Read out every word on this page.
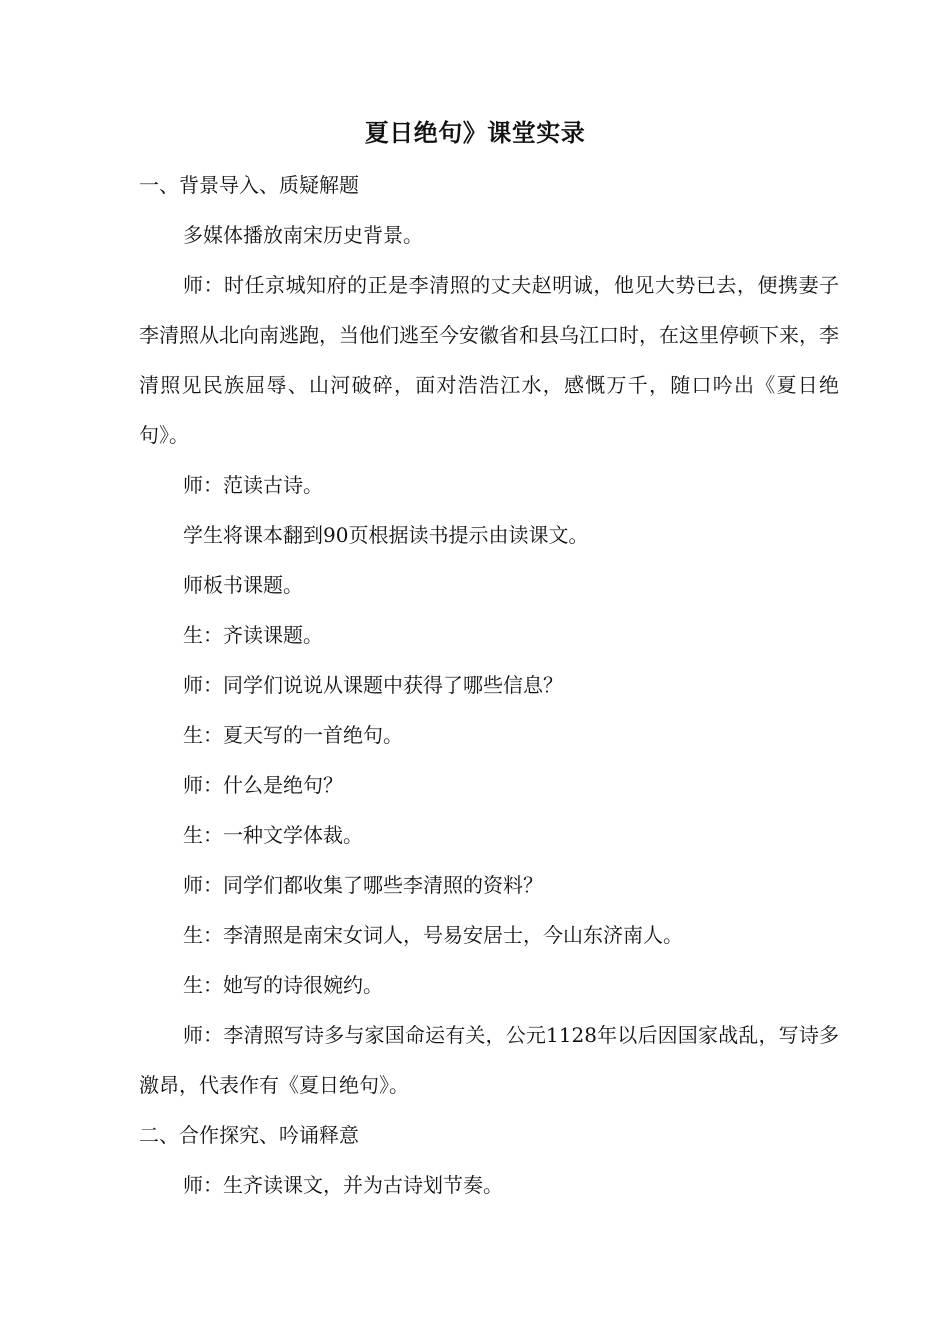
夏日绝句》课堂实录

一、背景导入、质疑解题

多媒体播放南宋历史背景。

师：时任京城知府的正是李清照的丈夫赵明诚，他见大势已去，便携妻子李清照从北向南逃跑，当他们逃至今安徽省和县乌江口时，在这里停顿下来，李清照见民族屈辱、山河破碎，面对浩浩江水，感慨万千，随口吟出《夏日绝句》。

师：范读古诗。

学生将课本翻到90页根据读书提示由读课文。

师板书课题。

生：齐读课题。

师：同学们说说从课题中获得了哪些信息？

生：夏天写的一首绝句。

师：什么是绝句？

生：一种文学体裁。

师：同学们都收集了哪些李清照的资料？

生：李清照是南宋女词人，号易安居士，今山东济南人。

生：她写的诗很婉约。

师：李清照写诗多与家国命运有关，公元1128年以后因国家战乱，写诗多激昂，代表作有《夏日绝句》。

二、合作探究、吟诵释意

师：生齐读课文，并为古诗划节奏。
